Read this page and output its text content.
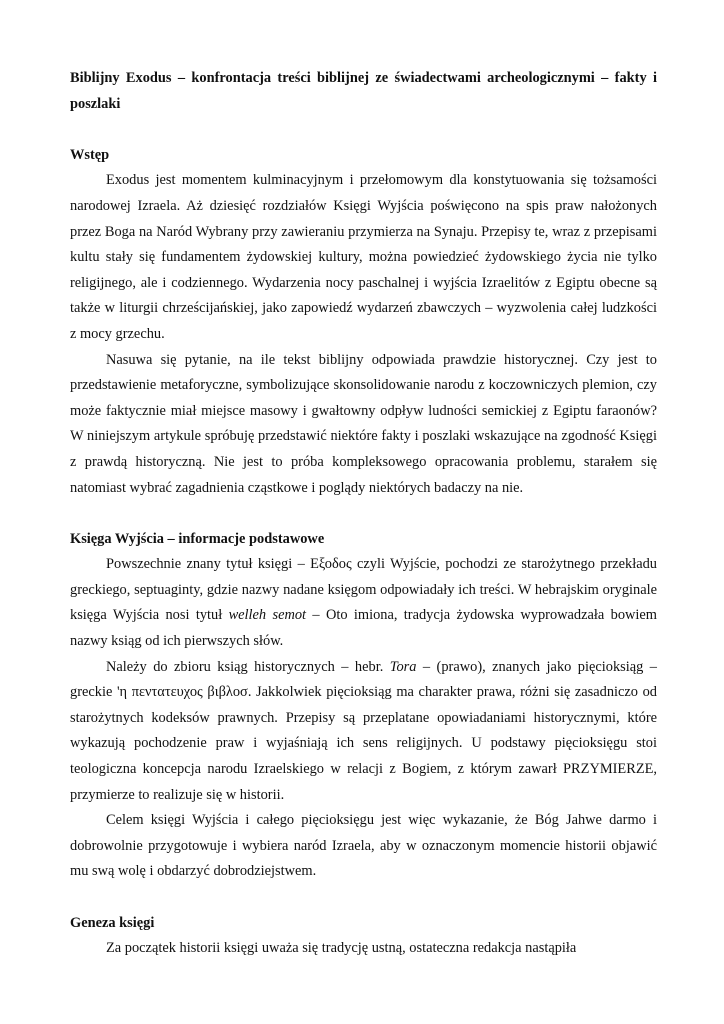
Biblijny Exodus – konfrontacja treści biblijnej ze świadectwami archeologicznymi – fakty i poszlaki

Wstęp

Exodus jest momentem kulminacyjnym i przełomowym dla konstytuowania się tożsamości narodowej Izraela. Aż dziesięć rozdziałów Księgi Wyjścia poświęcono na spis praw nałożonych przez Boga na Naród Wybrany przy zawieraniu przymierza na Synaju. Przepisy te, wraz z przepisami kultu stały się fundamentem żydowskiej kultury, można powiedzieć żydowskiego życia nie tylko religijnego, ale i codziennego. Wydarzenia nocy paschalnej i wyjścia Izraelitów z Egiptu obecne są także w liturgii chrześcijańskiej, jako zapowiedź wydarzeń zbawczych – wyzwolenia całej ludzkości z mocy grzechu.

Nasuwa się pytanie, na ile tekst biblijny odpowiada prawdzie historycznej. Czy jest to przedstawienie metaforyczne, symbolizujące skonsolidowanie narodu z koczowniczych plemion, czy może faktycznie miał miejsce masowy i gwałtowny odpływ ludności semickiej z Egiptu faraonów? W niniejszym artykule spróbuję przedstawić niektóre fakty i poszlaki wskazujące na zgodność Księgi z prawdą historyczną. Nie jest to próba kompleksowego opracowania problemu, starałem się natomiast wybrać zagadnienia cząstkowe i poglądy niektórych badaczy na nie.

Księga Wyjścia – informacje podstawowe

Powszechnie znany tytuł księgi – Εξοδος czyli Wyjście, pochodzi ze starożytnego przekładu greckiego, septuaginty, gdzie nazwy nadane księgom odpowiadały ich treści. W hebrajskim oryginale księga Wyjścia nosi tytuł welleh semot – Oto imiona, tradycja żydowska wyprowadzała bowiem nazwy ksiąg od ich pierwszych słów.

Należy do zbioru ksiąg historycznych – hebr. Tora – (prawo), znanych jako pięcioksiąg – greckie 'η πεντατευχος βιβλοσ. Jakkolwiek pięcioksiąg ma charakter prawa, różni się zasadniczo od starożytnych kodeksów prawnych. Przepisy są przeplatane opowiadaniami historycznymi, które wykazują pochodzenie praw i wyjaśniają ich sens religijnych. U podstawy pięcioksięgu stoi teologiczna koncepcja narodu Izraelskiego w relacji z Bogiem, z którym zawarł PRZYMIERZE, przymierze to realizuje się w historii.

Celem księgi Wyjścia i całego pięcioksięgu jest więc wykazanie, że Bóg Jahwe darmo i dobrowolnie przygotowuje i wybiera naród Izraela, aby w oznaczonym momencie historii objawić mu swą wolę i obdarzyć dobrodziejstwem.

Geneza księgi

Za początek historii księgi uważa się tradycję ustną, ostateczna redakcja nastąpiła
